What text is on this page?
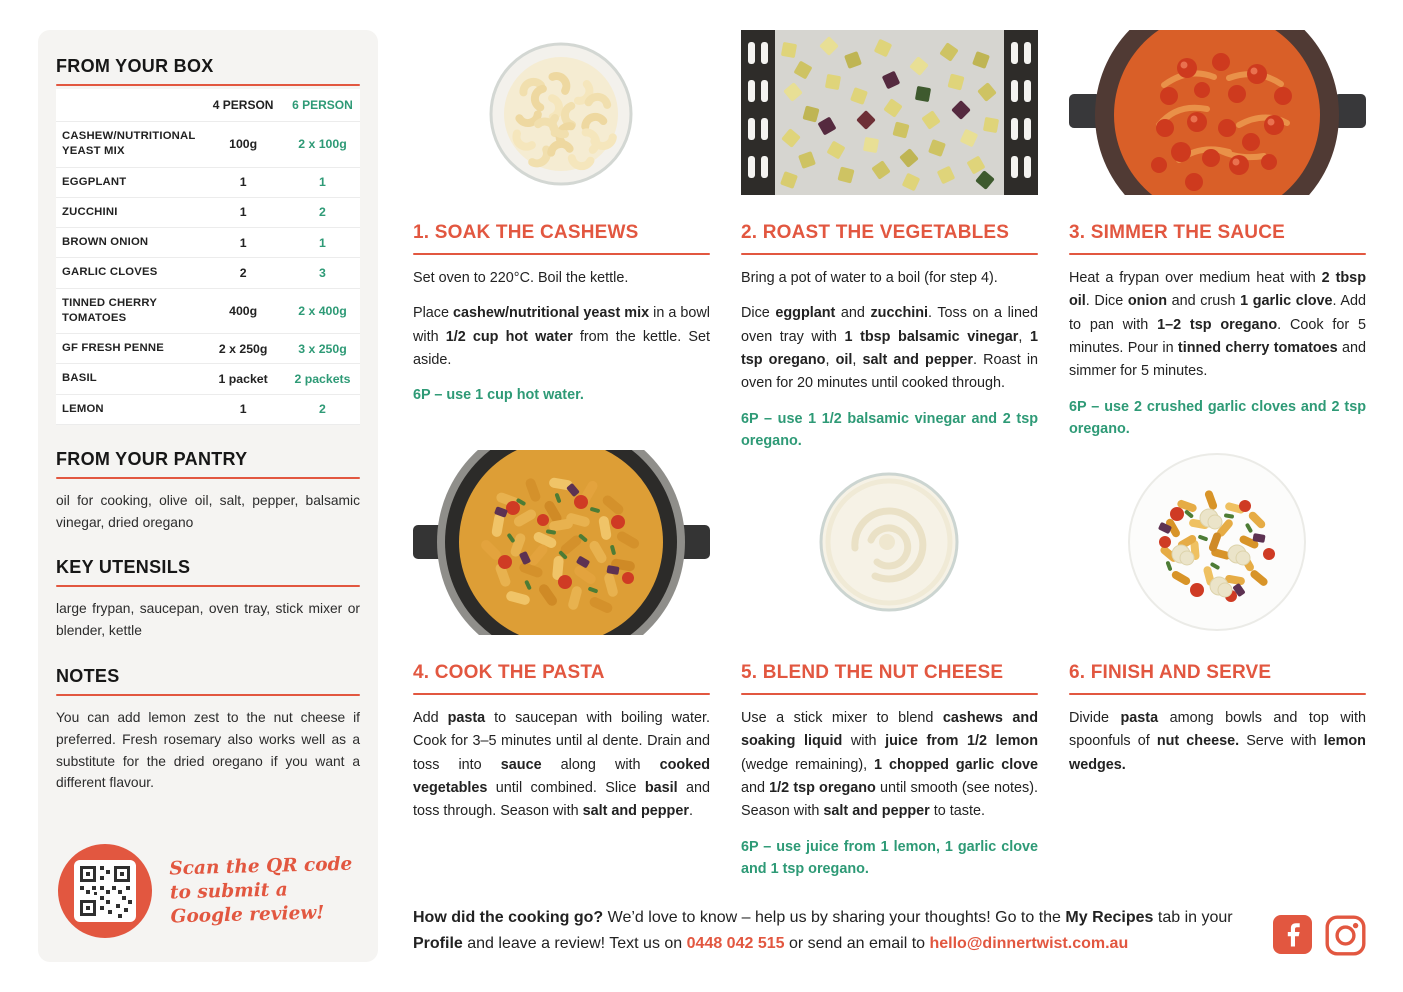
FROM YOUR BOX
	4 PERSON	6 PERSON
CASHEW/NUTRITIONAL YEAST MIX	100g	2 x 100g
EGGPLANT	1	1
ZUCCHINI	1	2
BROWN ONION	1	1
GARLIC CLOVES	2	3
TINNED CHERRY TOMATOES	400g	2 x 400g
GF FRESH PENNE	2 x 250g	3 x 250g
BASIL	1 packet	2 packets
LEMON	1	2
FROM YOUR PANTRY

oil for cooking, olive oil, salt, pepper, balsamic vinegar, dried oregano

KEY UTENSILS

large frypan, saucepan, oven tray, stick mixer or blender, kettle

NOTES

You can add lemon zest to the nut cheese if preferred. Fresh rosemary also works well as a substitute for the dried oregano if you want a different flavour.

Scan the QR code to submit a Google review!
1. SOAK THE CASHEWS

Set oven to 220°C. Boil the kettle.

Place cashew/nutritional yeast mix in a bowl with 1/2 cup hot water from the kettle. Set aside.

6P – use 1 cup hot water.

2. ROAST THE VEGETABLES

Bring a pot of water to a boil (for step 4).

Dice eggplant and zucchini. Toss on a lined oven tray with 1 tbsp balsamic vinegar, 1 tsp oregano, oil, salt and pepper. Roast in oven for 20 minutes until cooked through.

6P – use 1 1/2 balsamic vinegar and 2 tsp oregano.

3. SIMMER THE SAUCE

Heat a frypan over medium heat with 2 tbsp oil. Dice onion and crush 1 garlic clove. Add to pan with 1–2 tsp oregano. Cook for 5 minutes. Pour in tinned cherry tomatoes and simmer for 5 minutes.

6P – use 2 crushed garlic cloves and 2 tsp oregano.

4. COOK THE PASTA

Add pasta to saucepan with boiling water. Cook for 3–5 minutes until al dente. Drain and toss into sauce along with cooked vegetables until combined. Slice basil and toss through. Season with salt and pepper.

5. BLEND THE NUT CHEESE

Use a stick mixer to blend cashews and soaking liquid with juice from 1/2 lemon (wedge remaining), 1 chopped garlic clove and 1/2 tsp oregano until smooth (see notes). Season with salt and pepper to taste.

6P – use juice from 1 lemon, 1 garlic clove and 1 tsp oregano.

6. FINISH AND SERVE

Divide pasta among bowls and top with spoonfuls of nut cheese. Serve with lemon wedges.

How did the cooking go? We’d love to know – help us by sharing your thoughts! Go to the My Recipes tab in your Profile and leave a review! Text us on 0448 042 515 or send an email to hello@dinnertwist.com.au
